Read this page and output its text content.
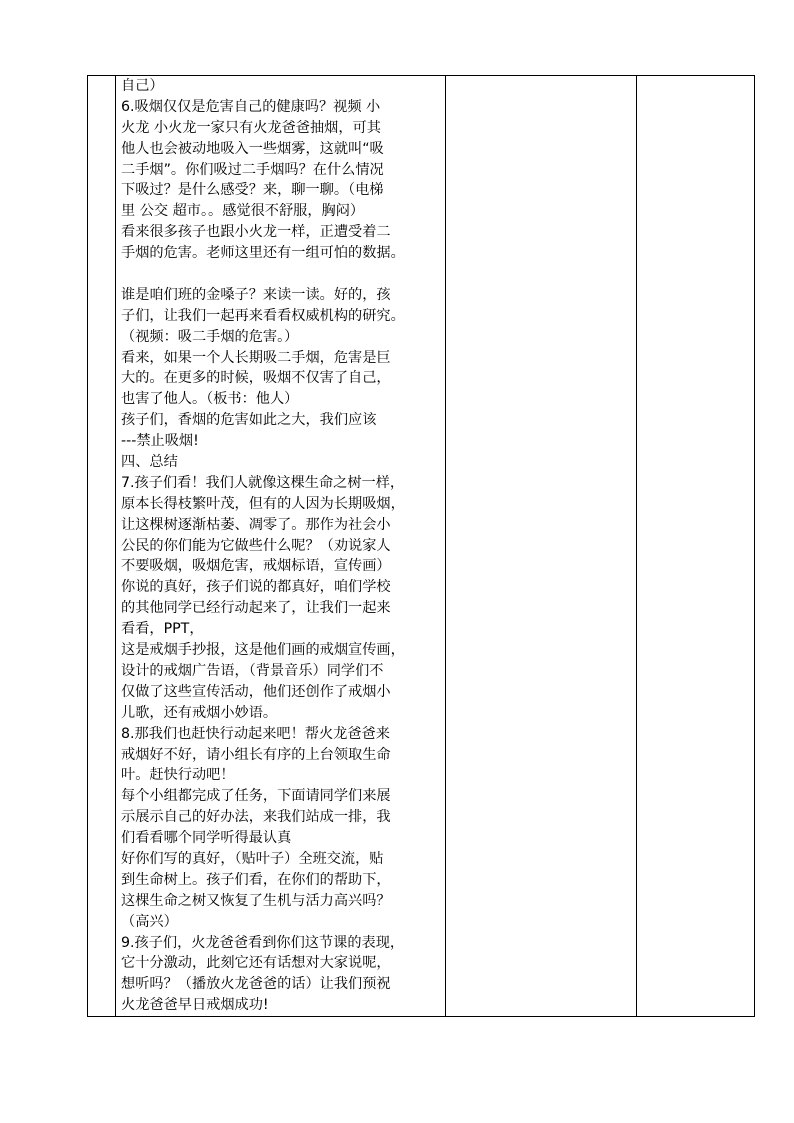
自己）
6.吸烟仅仅是危害自己的健康吗？视频 小
火龙 小火龙一家只有火龙爸爸抽烟，可其
他人也会被动地吸入一些烟雾，这就叫“吸
二手烟”。你们吸过二手烟吗？在什么情况
下吸过？是什么感受？来，聊一聊。（电梯
里 公交 超市。。感觉很不舒服，胸闷）
看来很多孩子也跟小火龙一样，正遭受着二
手烟的危害。老师这里还有一组可怕的数据。
谁是咱们班的金嗓子？来读一读。好的，孩
子们，让我们一起再来看看权威机构的研究。
（视频：吸二手烟的危害。）
看来，如果一个人长期吸二手烟，危害是巨
大的。在更多的时候，吸烟不仅害了自己，
也害了他人。（板书：他人）
孩子们，香烟的危害如此之大，我们应该
---禁止吸烟!
四、总结
7.孩子们看！我们人就像这棵生命之树一样，
原本长得枝繁叶茂，但有的人因为长期吸烟，
让这棵树逐渐枯萎、凋零了。那作为社会小
公民的你们能为它做些什么呢？（劝说家人
不要吸烟，吸烟危害，戒烟标语，宣传画）
你说的真好，孩子们说的都真好，咱们学校
的其他同学已经行动起来了，让我们一起来
看看，PPT，
这是戒烟手抄报，这是他们画的戒烟宣传画，
设计的戒烟广告语，（背景音乐）同学们不
仅做了这些宣传活动，他们还创作了戒烟小
儿歌，还有戒烟小妙语。
8.那我们也赶快行动起来吧！帮火龙爸爸来
戒烟好不好，请小组长有序的上台领取生命
叶。赶快行动吧！
每个小组都完成了任务，下面请同学们来展
示展示自己的好办法，来我们站成一排，我
们看看哪个同学听得最认真
好你们写的真好，（贴叶子）全班交流，贴
到生命树上。孩子们看，在你们的帮助下，
这棵生命之树又恢复了生机与活力高兴吗？
（高兴）
9.孩子们，火龙爸爸看到你们这节课的表现，
它十分激动，此刻它还有话想对大家说呢，
想听吗？（播放火龙爸爸的话）让我们预祝
火龙爸爸早日戒烟成功!
